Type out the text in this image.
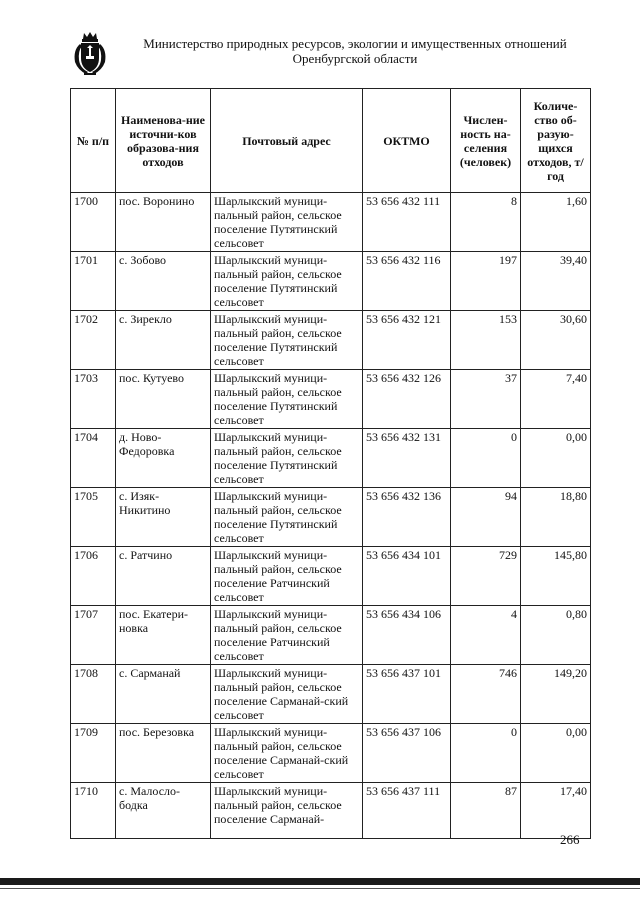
Министерство природных ресурсов, экологии и имущественных отношений
Оренбургской области
№ п/п	Наименова-ние источни-ков образова-ния отходов	Почтовый адрес	ОКТМО	Числен-ность на-селения (человек)	Количе-ство об-разую-щихся отходов, т/год
1700	пос. Воронино	Шарлыкский муници-пальный район, сельское поселение Путятинский сельсовет	53 656 432 111	8	1,60
1701	с. Зобово	Шарлыкский муници-пальный район, сельское поселение Путятинский сельсовет	53 656 432 116	197	39,40
1702	с. Зирекло	Шарлыкский муници-пальный район, сельское поселение Путятинский сельсовет	53 656 432 121	153	30,60
1703	пос. Кутуево	Шарлыкский муници-пальный район, сельское поселение Путятинский сельсовет	53 656 432 126	37	7,40
1704	д. Ново-Федоровка	Шарлыкский муници-пальный район, сельское поселение Путятинский сельсовет	53 656 432 131	0	0,00
1705	с. Изяк-Никитино	Шарлыкский муници-пальный район, сельское поселение Путятинский сельсовет	53 656 432 136	94	18,80
1706	с. Ратчино	Шарлыкский муници-пальный район, сельское поселение Ратчинский сельсовет	53 656 434 101	729	145,80
1707	пос. Екатери-новка	Шарлыкский муници-пальный район, сельское поселение Ратчинский сельсовет	53 656 434 106	4	0,80
1708	с. Сарманай	Шарлыкский муници-пальный район, сельское поселение Сарманай-ский сельсовет	53 656 437 101	746	149,20
1709	пос. Березовка	Шарлыкский муници-пальный район, сельское поселение Сарманай-ский сельсовет	53 656 437 106	0	0,00
1710	с. Малосло-бодка	Шарлыкский муници-пальный район, сельское поселение Сарманай-	53 656 437 111	87	17,40
266
